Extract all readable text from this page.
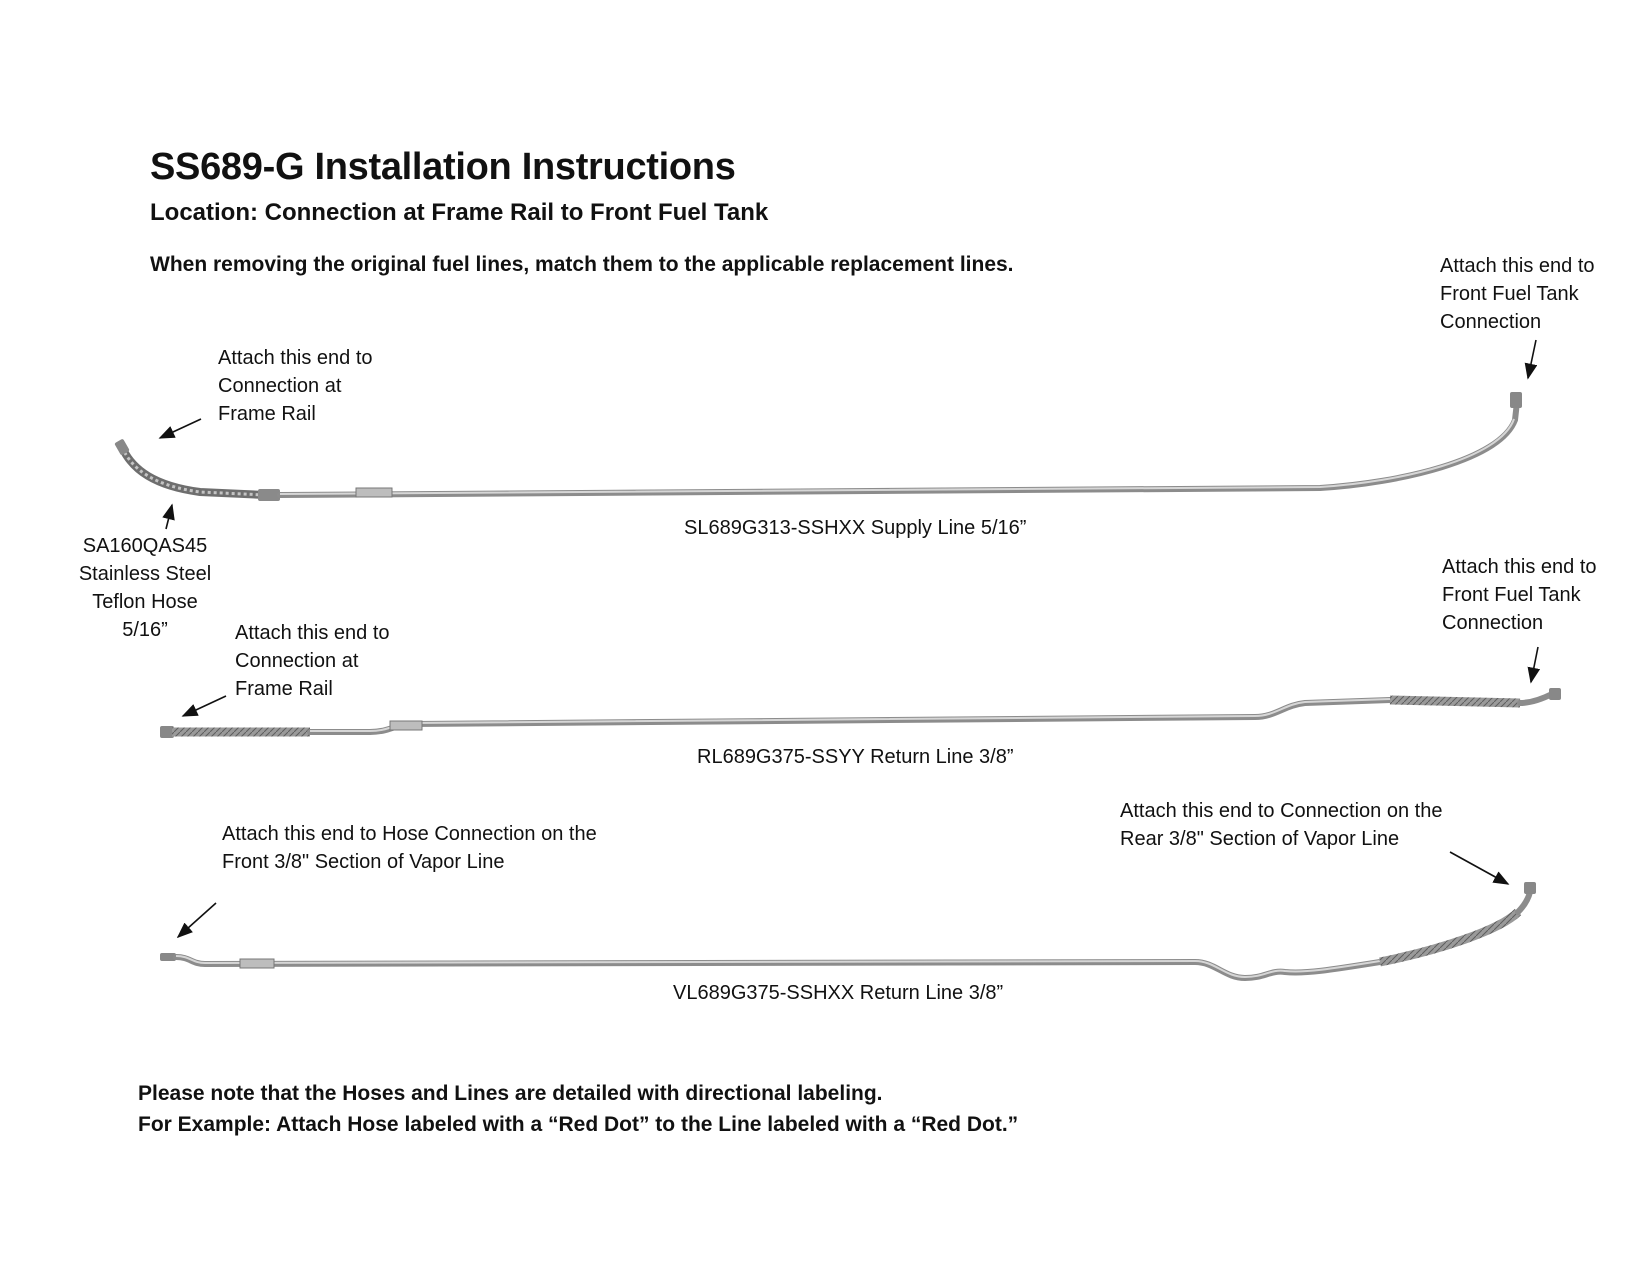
SS689-G Installation Instructions
Location: Connection at Frame Rail to Front Fuel Tank
When removing the original fuel lines, match them to the applicable replacement lines.
Attach this end to
Connection at
Frame Rail
Attach this end to
Front Fuel Tank
Connection
SA160QAS45
Stainless Steel
Teflon Hose
5/16”
SL689G313-SSHXX Supply Line 5/16”
Attach this end to
Connection at
Frame Rail
Attach this end to
Front Fuel Tank
Connection
RL689G375-SSYY Return Line 3/8”
Attach this end to Hose Connection on the
Front 3/8" Section of Vapor Line
Attach this end to Connection on the
Rear 3/8" Section of Vapor Line
VL689G375-SSHXX Return Line 3/8”
Please note that the Hoses and Lines are detailed with directional labeling.
For Example: Attach Hose labeled with a “Red Dot” to the Line labeled with a “Red Dot.”
